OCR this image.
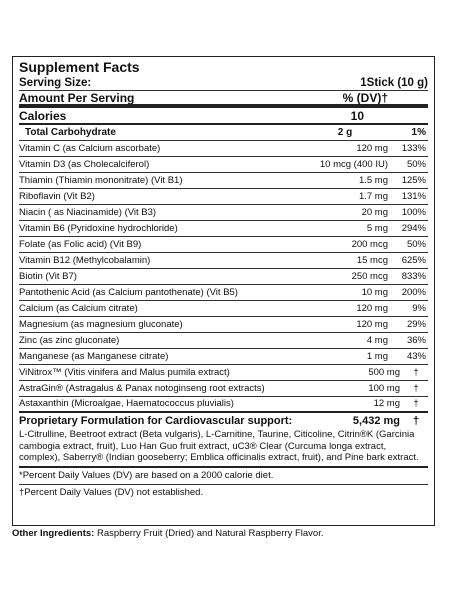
Supplement Facts
Serving Size:	1Stick (10 g)
Amount Per Serving	% (DV)†
Calories	10
Total Carbohydrate	2 g	1%
Vitamin C (as Calcium ascorbate)	120 mg	133%
Vitamin D3 (as Cholecalciferol)	10 mcg (400 IU)	50%
Thiamin (Thiamin mononitrate) (Vit B1)	1.5 mg	125%
Riboflavin (Vit B2)	1.7 mg	131%
Niacin ( as Niacinamide) (Vit B3)	20 mg	100%
Vitamin B6 (Pyridoxine hydrochloride)	5 mg	294%
Folate (as Folic acid) (Vit B9)	200 mcg	50%
Vitamin B12 (Methylcobalamin)	15 mcg	625%
Biotin (Vit B7)	250 mcg	833%
Pantothenic Acid (as Calcium pantothenate) (Vit B5)	10 mg	200%
Calcium (as Calcium citrate)	120 mg	9%
Magnesium (as magnesium gluconate)	120 mg	29%
Zinc (as zinc gluconate)	4 mg	36%
Manganese (as Manganese citrate)	1 mg	43%
ViNitrox™ (Vitis vinifera and Malus pumila extract)	500 mg	†
AstraGin® (Astragalus & Panax notoginseng root extracts)	100 mg	†
Astaxanthin (Microalgae, Haematococcus pluvialis)	12 mg	†
Proprietary Formulation for Cardiovascular support:	5,432 mg	†
L-Citrulline, Beetroot extract (Beta vulgaris), L-Carnitine, Taurine, Citicoline, Citrin®K (Garcinia cambogia extract, fruit), Luo Han Guo fruit extract, uC3® Clear (Curcuma longa extract, complex), Saberry® (Indian gooseberry; Emblica officinalis extract, fruit), and Pine bark extract.
*Percent Daily Values (DV) are based on a 2000 calorie diet.
†Percent Daily Values (DV) not established.
Other Ingredients: Raspberry Fruit (Dried) and Natural Raspberry Flavor.
